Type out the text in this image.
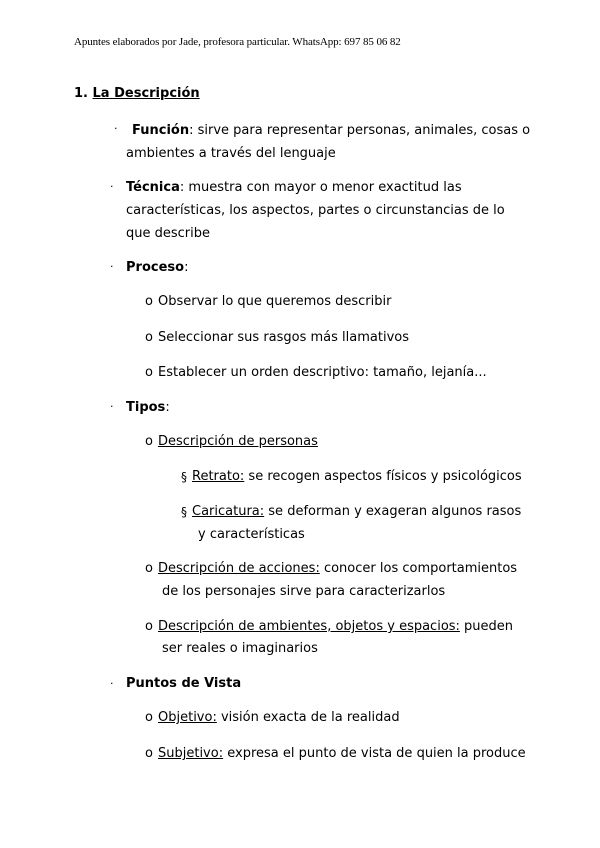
Apuntes elaborados por Jade, profesora particular. WhatsApp: 697 85 06 82
1. La Descripción
· Función: sirve para representar personas, animales, cosas o
ambientes a través del lenguaje
· Técnica: muestra con mayor o menor exactitud las
características, los aspectos, partes o circunstancias de lo
que describe
· Proceso:
o Observar lo que queremos describir
o Seleccionar sus rasgos más llamativos
o Establecer un orden descriptivo: tamaño, lejanía...
· Tipos:
o Descripción de personas
§ Retrato: se recogen aspectos físicos y psicológicos
§ Caricatura: se deforman y exageran algunos rasos
y características
o Descripción de acciones: conocer los comportamientos
de los personajes sirve para caracterizarlos
o Descripción de ambientes, objetos y espacios: pueden
ser reales o imaginarios
· Puntos de Vista
o Objetivo: visión exacta de la realidad
o Subjetivo: expresa el punto de vista de quien la produce
